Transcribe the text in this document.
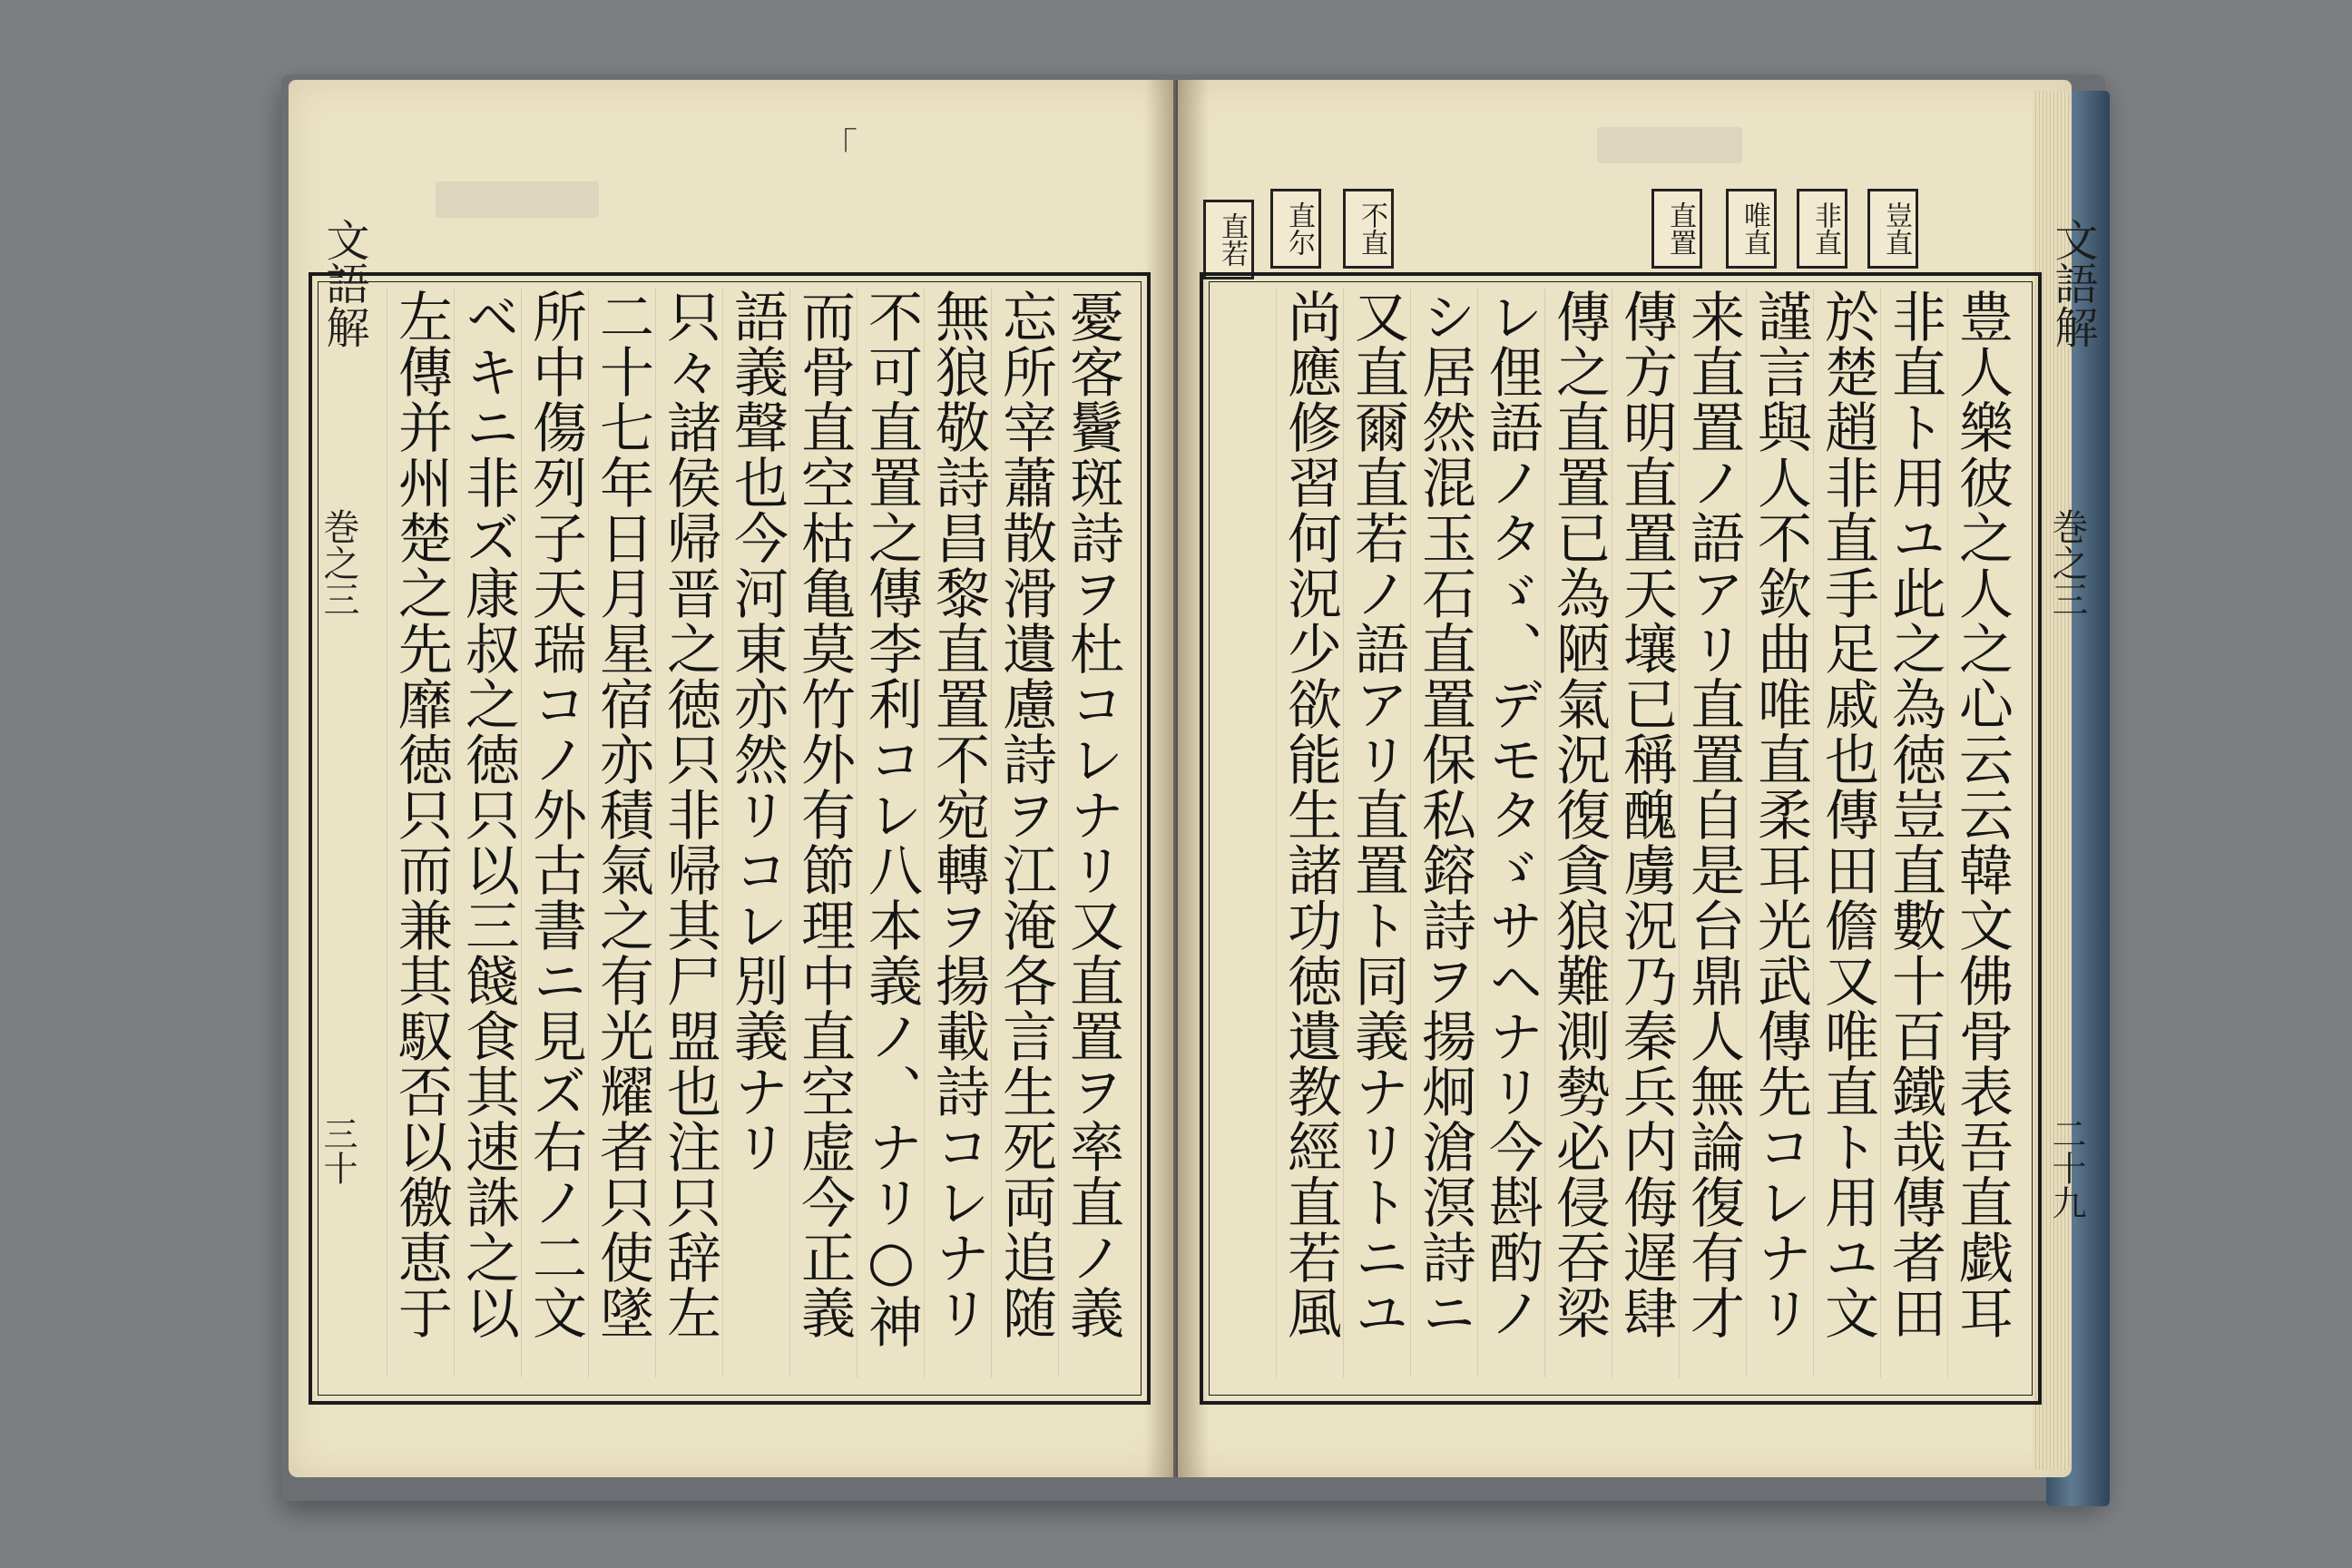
「
豈直
非直
唯直
直置
不直
直尔
直若
文語解
巻之三
三十
文語解
巻之三
二十九
憂客鬢斑詩ヲ杜コレナリ又直置ヲ率直ノ義
忘所宰蕭散滑遺慮詩ヲ江淹各言生死両追随
無狼敬詩昌黎直置不宛轉ヲ揚載詩コレナリ
不可直置之傳李利コレ八本義ノ、ナリ○神
而骨直空枯亀莫竹外有節理中直空虚今正義
語義聲也今河東亦然リコレ別義ナリ
只々諸侯帰晋之徳只非帰其尸盟也注只辞左
二十七年日月星宿亦積氣之有光耀者只使墜
所中傷列子天瑞コノ外古書ニ見ズ右ノ二文
ベキニ非ズ康叔之徳只以三餞食其速誅之以
左傳并州楚之先靡徳只而兼其馭否以徼恵于
豊人樂彼之人之心云云韓文佛骨表吾直戯耳
非直ト用ユ此之為徳豈直數十百鐵哉傳者田
於楚趙非直手足戚也傳田儋又唯直ト用ユ文
謹言與人不欽曲唯直柔耳光武傳先コレナリ
来直置ノ語アリ直置自是台鼎人無論復有才
傳方明直置天壤已稱醜虜況乃秦兵内侮遅肆
傳之直置已為陋氣況復貪狼難測勢必侵吞梁
レ俚語ノタゞ、デモタゞサヘナリ今斟酌ノ
シ居然混玉石直置保私鎔詩ヲ揚炯滄溟詩ニ
又直爾直若ノ語アリ直置ト同義ナリトニユ
尚應修習何況少欲能生諸功徳遺教經直若風
